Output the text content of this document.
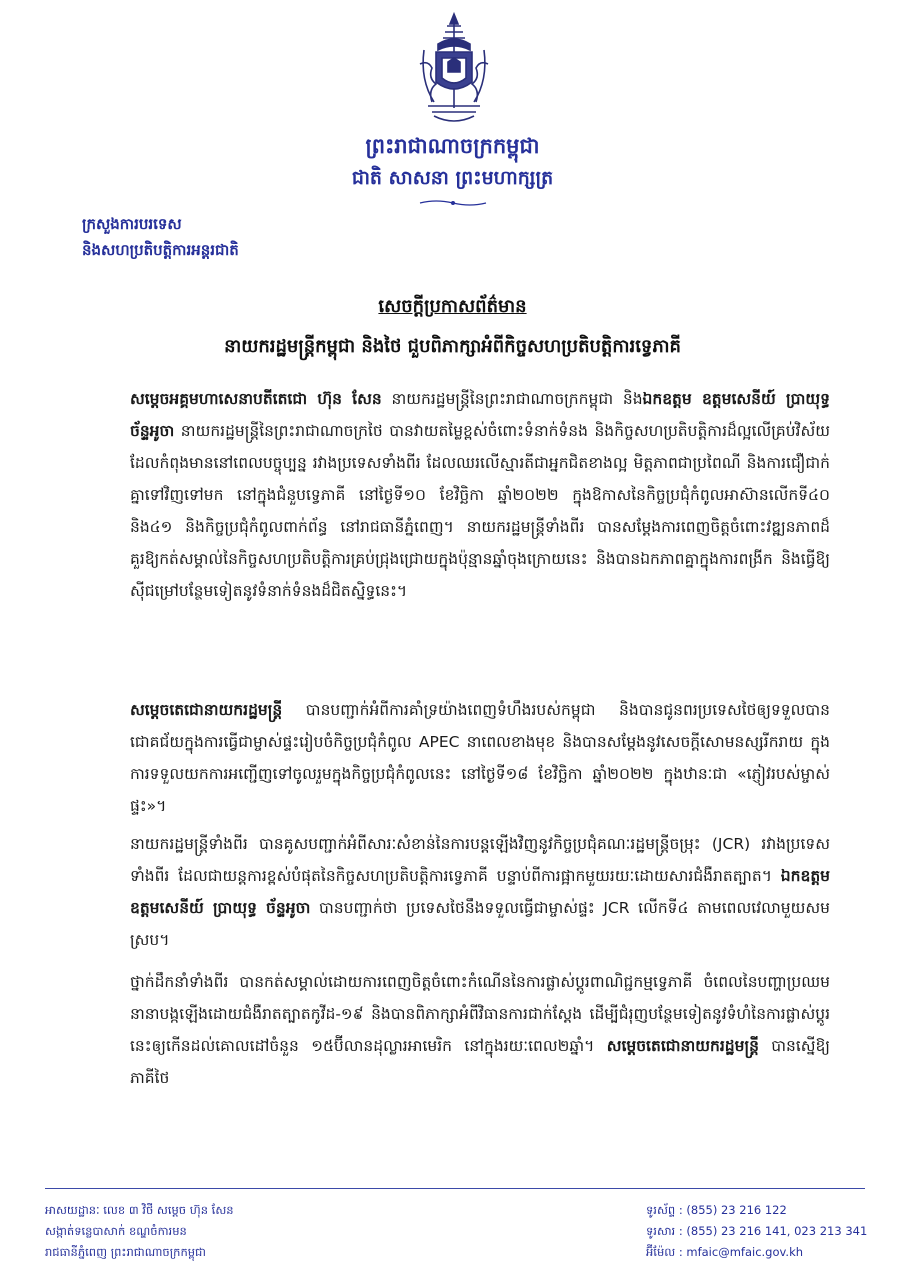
ព្រះរាជាណាចក្រកម្ពុជា
ជាតិ សាសនា ព្រះមហាក្សត្រ
ក្រសួងការបរទេស
និងសហប្រតិបត្តិការអន្តរជាតិ
សេចក្តីប្រកាសព័ត៌មាន
នាយករដ្ឋមន្ត្រីកម្ពុជា និងថៃ ជួបពិភាក្សាអំពីកិច្ចសហប្រតិបត្តិការទ្វេភាគី
សម្ដេចអគ្គមហាសេនាបតីតេជោ ហ៊ុន សែន នាយករដ្ឋមន្ត្រីនៃព្រះរាជាណាចក្រកម្ពុជា និងឯកឧត្តម ឧត្តមសេនីយ៍ ប្រាយុទ្ធ ច័ន្ទអូចា នាយករដ្ឋមន្ត្រីនៃព្រះរាជាណាចក្រថៃ បានវាយតម្លៃខ្ពស់ចំពោះទំនាក់ទំនង និងកិច្ចសហប្រតិបត្តិការដ៏ល្អលើគ្រប់វិស័យដែលកំពុងមាននៅពេលបច្ចុប្បន្ន រវាងប្រទេសទាំងពីរ ដែលឈរលើស្មារតីជាអ្នកជិតខាងល្អ មិត្តភាពជាប្រពៃណី និងការជឿជាក់គ្នាទៅវិញទៅមក នៅក្នុងជំនួបទ្វេភាគី នៅថ្ងៃទី១០ ខែវិច្ឆិកា ឆ្នាំ២០២២ ក្នុងឱកាសនៃកិច្ចប្រជុំកំពូលអាស៊ានលើកទី៤០ និង៤១ និងកិច្ចប្រជុំកំពូលពាក់ព័ន្ធ នៅរាជធានីភ្នំពេញ។ នាយករដ្ឋមន្ត្រីទាំងពីរ បានសម្ដែងការពេញចិត្តចំពោះវឌ្ឍនភាពដ៏គួរឱ្យកត់សម្គាល់នៃកិច្ចសហប្រតិបត្តិការគ្រប់ជ្រុងជ្រោយក្នុងប៉ុន្មានឆ្នាំចុងក្រោយនេះ និងបានឯកភាពគ្នាក្នុងការពង្រីក និងធ្វើឱ្យស៊ីជម្រៅបន្ថែមទៀតនូវទំនាក់ទំនងដ៏ជិតស្និទ្ធនេះ។
សម្ដេចតេជោនាយករដ្ឋមន្ត្រី បានបញ្ជាក់អំពីការគាំទ្រយ៉ាងពេញទំហឹងរបស់កម្ពុជា និងបានជូនពរប្រទេសថៃឲ្យទទួលបានជោគជ័យក្នុងការធ្វើជាម្ចាស់ផ្ទះរៀបចំកិច្ចប្រជុំកំពូល APEC នាពេលខាងមុខ និងបានសម្ដែងនូវសេចក្ដីសោមនស្សរីករាយ ក្នុងការទទួលយកការអញ្ជើញទៅចូលរួមក្នុងកិច្ចប្រជុំកំពូលនេះ នៅថ្ងៃទី១៨ ខែវិច្ឆិកា ឆ្នាំ២០២២ ក្នុងឋានៈជា «ភ្ញៀវរបស់ម្ចាស់ផ្ទះ»។
នាយករដ្ឋមន្ត្រីទាំងពីរ បានគូសបញ្ជាក់អំពីសារៈសំខាន់នៃការបន្តឡើងវិញនូវកិច្ចប្រជុំគណៈរដ្ឋមន្ត្រីចម្រុះ (JCR) រវាងប្រទេសទាំងពីរ ដែលជាយន្តការខ្ពស់បំផុតនៃកិច្ចសហប្រតិបត្តិការទ្វេភាគី បន្ទាប់ពីការផ្អាកមួយរយៈដោយសារជំងឺរាតត្បាត។ ឯកឧត្តម ឧត្តមសេនីយ៍ ប្រាយុទ្ធ ច័ន្ទអូចា បានបញ្ជាក់ថា ប្រទេសថៃនឹងទទួលធ្វើជាម្ចាស់ផ្ទះ JCR លើកទី៤ តាមពេលវេលាមួយសមស្រប។
ថ្នាក់ដឹកនាំទាំងពីរ បានកត់សម្គាល់ដោយការពេញចិត្តចំពោះកំណើននៃការផ្លាស់ប្ដូរពាណិជ្ជកម្មទ្វេភាគី ចំពេលនៃបញ្ហាប្រឈមនានាបង្កឡើងដោយជំងឺរាតត្បាតកូវីដ-១៩ និងបានពិភាក្សាអំពីវិធានការជាក់ស្ដែង ដើម្បីជំរុញបន្ថែមទៀតនូវទំហំនៃការផ្លាស់ប្ដូរនេះឲ្យកើនដល់គោលដៅចំនួន ១៥ប៊ីលានដុល្លារអាមេរិក នៅក្នុងរយៈពេល២ឆ្នាំ។ សម្ដេចតេជោនាយករដ្ឋមន្ត្រី បានស្នើឱ្យភាគីថៃ
អាសយដ្ឋានៈ លេខ ៣ វិថី សម្ដេច ហ៊ុន សែន
សង្កាត់ទន្លេបាសាក់ ខណ្ឌចំការមន
រាជធានីភ្នំពេញ ព្រះរាជាណាចក្រកម្ពុជា
ទូរស័ព្ទ : (855) 23 216 122
ទូរសារ : (855) 23 216 141, 023 213 341
អ៊ីម៉ែល : mfaic@mfaic.gov.kh
